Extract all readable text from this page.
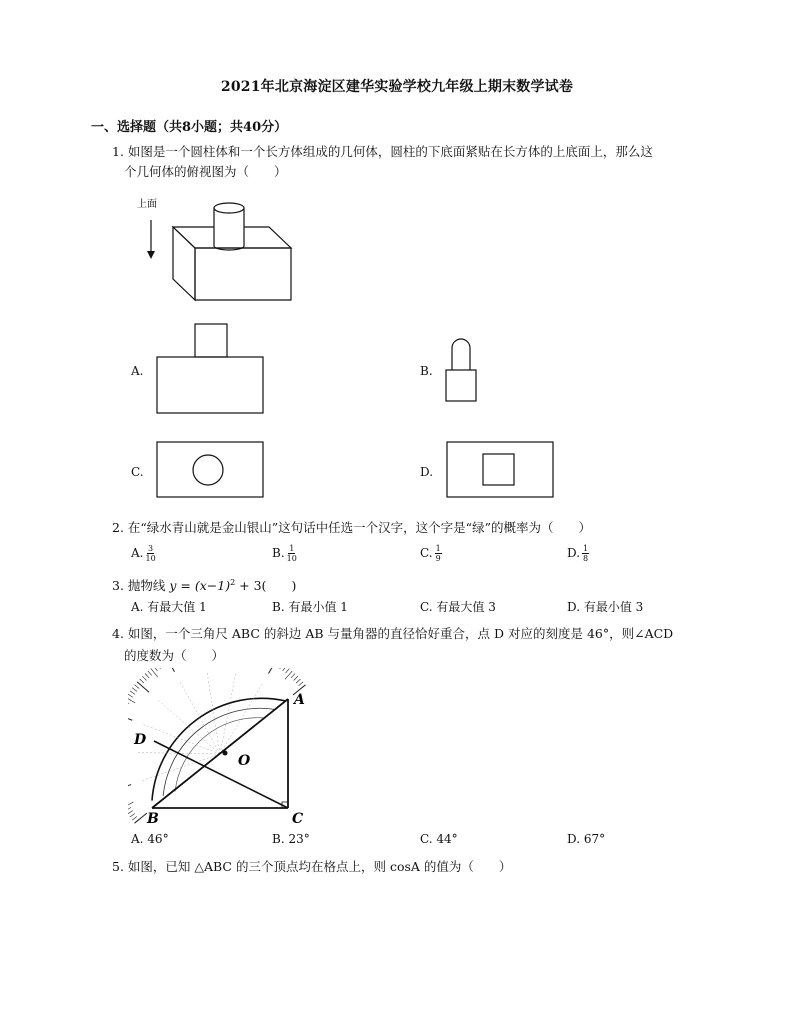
2021年北京海淀区建华实验学校九年级上期末数学试卷
一、选择题（共8小题；共40分）
1. 如图是一个圆柱体和一个长方体组成的几何体，圆柱的下底面紧贴在长方体的上底面上，那么这
个几何体的俯视图为（　　）
上面
A.	B.
C.	D.
2. 在“绿水青山就是金山银山”这句话中任选一个汉字，这个字是“绿”的概率为（　　）
A. $\frac{3}{10}$	B. $\frac{1}{10}$	C. $\frac{1}{9}$	D. $\frac{1}{8}$
3. 抛物线 $y = (x-1)^2 + 3$(　　)
A. 有最大值 1	B. 有最小值 1	C. 有最大值 3	D. 有最小值 3
4. 如图，一个三角尺 ABC 的斜边 AB 与量角器的直径恰好重合，点 D 对应的刻度是 46°，则∠ACD
的度数为（　　）
D
A
B	C
O
A. 46°	B. 23°	C. 44°	D. 67°
5. 如图，已知 △ABC 的三个顶点均在格点上，则 cosA 的值为（　　）
